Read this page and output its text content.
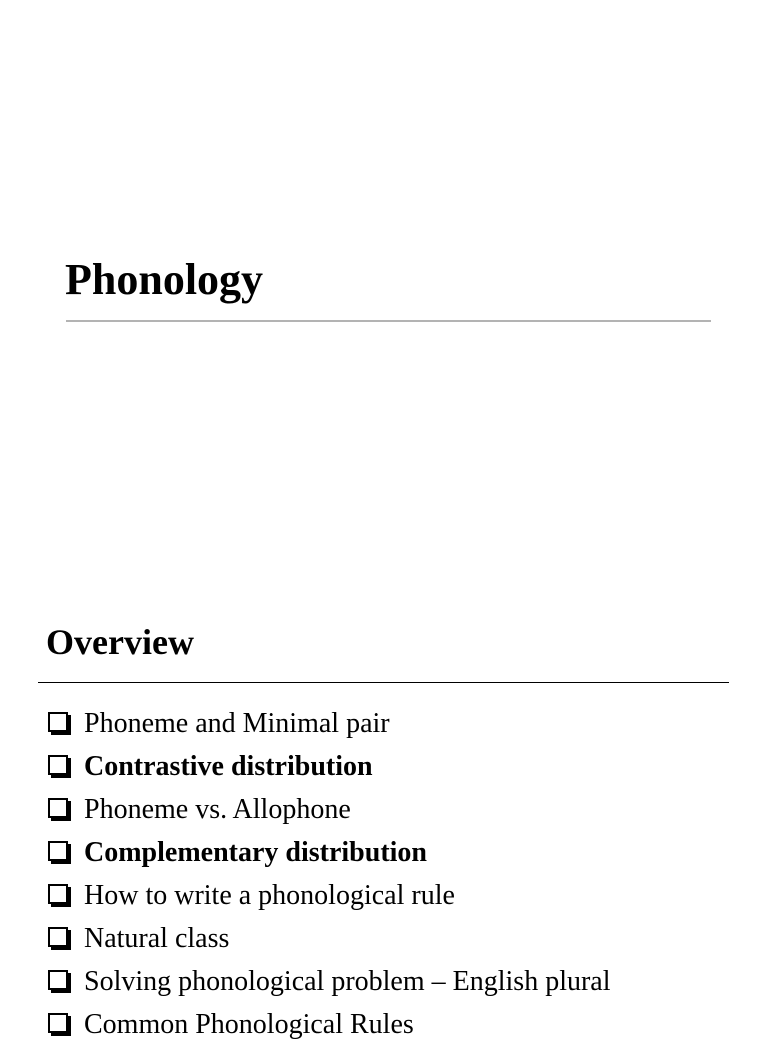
Phonology
Overview
Phoneme and Minimal pair
Contrastive distribution
Phoneme vs. Allophone
Complementary distribution
How to write a phonological rule
Natural class
Solving phonological problem – English plural
Common Phonological Rules
